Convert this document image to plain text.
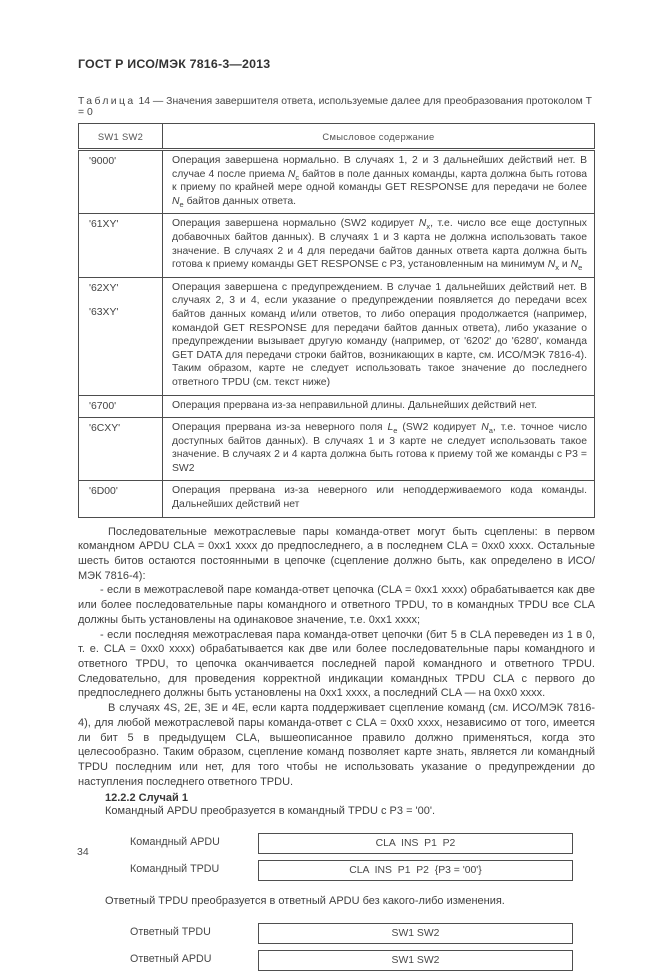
ГОСТ Р ИСО/МЭК 7816-3—2013
Таблица 14 — Значения завершителя ответа, используемые далее для преобразования протоколом Т = 0
SW1 SW2	Смысловое содержание

'9000'	Операция завершена нормально. В случаях 1, 2 и 3 дальнейших действий нет. В случае 4 после приема $N_c$ байтов в поле данных команды, карта должна быть готова к приему по крайней мере одной команды GET RESPONSE для передачи не более $N_e$ байтов данных ответа.

'61XY'	Операция завершена нормально (SW2 кодирует $N_x$, т.е. число все еще доступных добавочных байтов данных). В случаях 1 и 3 карта не должна использовать такое значение. В случаях 2 и 4 для передачи байтов данных ответа карта должна быть готова к приему команды GET RESPONSE с P3, установленным на минимум $N_x$ и $N_e$

'62XY'
'63XY'	Операция завершена с предупреждением. В случае 1 дальнейших действий нет. В случаях 2, 3 и 4, если указание о предупреждении появляется до передачи всех байтов данных команд и/или ответов, то либо операция продолжается (например, командой GET RESPONSE для передачи байтов данных ответа), либо указание о предупреждении вызывает другую команду (например, от '6202' до '6280', команда GET DATA для передачи строки байтов, возникающих в карте, см. ИСО/МЭК 7816-4). Таким образом, карте не следует использовать такое значение до последнего ответного TPDU (см. текст ниже)

'6700'	Операция прервана из-за неправильной длины. Дальнейших действий нет.

'6CXY'	Операция прервана из-за неверного поля $L_e$ (SW2 кодирует $N_a$, т.е. точное число доступных байтов данных). В случаях 1 и 3 карте не следует использовать такое значение. В случаях 2 и 4 карта должна быть готова к приему той же команды с P3 = SW2

'6D00'	Операция прервана из-за неверного или неподдерживаемого кода команды. Дальнейших действий нет

Последовательные межотраслевые пары команда-ответ могут быть сцеплены: в первом командном APDU CLA = 0xx1 xxxx до предпоследнего, а в последнем CLA = 0xx0 xxxx. Остальные шесть битов остаются постоянными в цепочке (сцепление должно быть, как определено в ИСО/МЭК 7816-4):

- если в межотраслевой паре команда-ответ цепочка (CLA = 0xx1 xxxx) обрабатывается как две или более последовательные пары командного и ответного TPDU, то в командных TPDU все CLA должны быть установлены на одинаковое значение, т.е. 0xx1 xxxx;

- если последняя межотраслевая пара команда-ответ цепочки (бит 5 в CLA переведен из 1 в 0, т. е. CLA = 0xx0 xxxx) обрабатывается как две или более последовательные пары командного и ответного TPDU, то цепочка оканчивается последней парой командного и ответного TPDU. Следовательно, для проведения корректной индикации командных TPDU CLA с первого до предпоследнего должны быть установлены на 0xx1 xxxx, а последний CLA — на 0xx0 xxxx.

В случаях 4S, 2Е, 3Е и 4Е, если карта поддерживает сцепление команд (см. ИСО/МЭК 7816-4), для любой межотраслевой пары команда-ответ с CLA = 0xx0 xxxx, независимо от того, имеется ли бит 5 в предыдущем CLA, вышеописанное правило должно применяться, когда это целесообразно. Таким образом, сцепление команд позволяет карте знать, является ли командный TPDU последним или нет, для того чтобы не использовать указание о предупреждении до наступления последнего ответного TPDU.

12.2.2 Случай 1

Командный APDU преобразуется в командный TPDU с P3 = '00'.

Командный APDU	CLA  INS  P1  P2
Командный TPDU	CLA  INS  P1  P2  {P3 = '00'}

Ответный TPDU преобразуется в ответный APDU без какого-либо изменения.

Ответный TPDU	SW1 SW2
Ответный APDU	SW1 SW2
34
